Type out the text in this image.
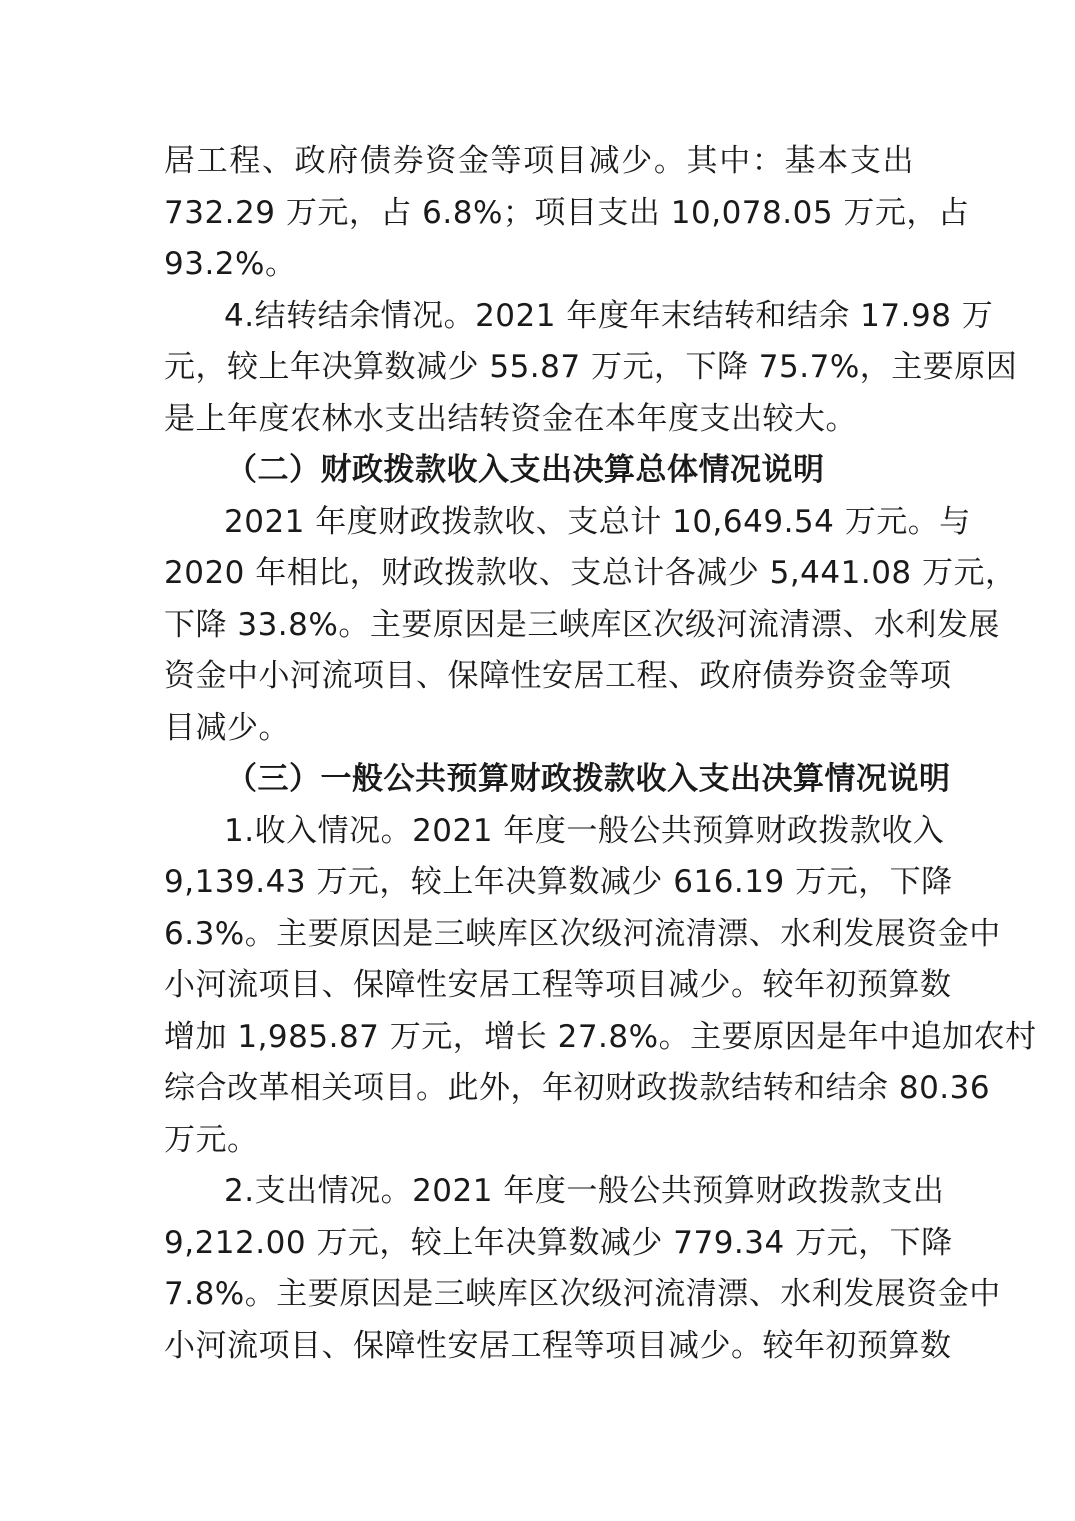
居工程、政府债券资金等项目减少。其中：基本支出
732.29 万元，占 6.8%；项目支出 10,078.05 万元，占
93.2%。
4.结转结余情况。2021 年度年末结转和结余 17.98 万
元，较上年决算数减少 55.87 万元，下降 75.7%，主要原因
是上年度农林水支出结转资金在本年度支出较大。
（二）财政拨款收入支出决算总体情况说明
2021 年度财政拨款收、支总计 10,649.54 万元。与
2020 年相比，财政拨款收、支总计各减少 5,441.08 万元，
下降 33.8%。主要原因是三峡库区次级河流清漂、水利发展
资金中小河流项目、保障性安居工程、政府债券资金等项
目减少。
（三）一般公共预算财政拨款收入支出决算情况说明
1.收入情况。2021 年度一般公共预算财政拨款收入
9,139.43 万元，较上年决算数减少 616.19 万元，下降
6.3%。主要原因是三峡库区次级河流清漂、水利发展资金中
小河流项目、保障性安居工程等项目减少。较年初预算数
增加 1,985.87 万元，增长 27.8%。主要原因是年中追加农村
综合改革相关项目。此外，年初财政拨款结转和结余 80.36
万元。
2.支出情况。2021 年度一般公共预算财政拨款支出
9,212.00 万元，较上年决算数减少 779.34 万元，下降
7.8%。主要原因是三峡库区次级河流清漂、水利发展资金中
小河流项目、保障性安居工程等项目减少。较年初预算数
